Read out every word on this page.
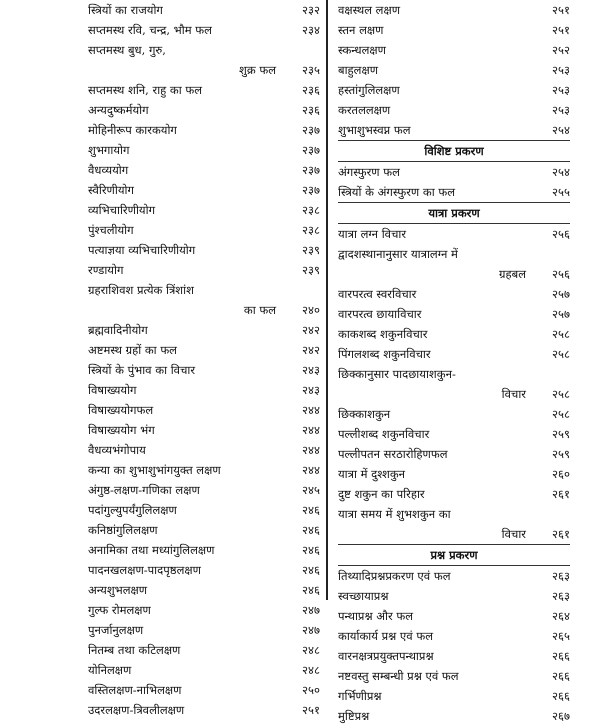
स्त्रियों का राजयोग	२३२
सप्तमस्थ रवि, चन्द्र, भौम फल	२३४
सप्तमस्थ बुध, गुरु,
शुक्र फल	२३५
सप्तमस्थ शनि, राहु का फल	२३६
अन्यदुष्कर्मयोग	२३६
मोहिनीरूप कारकयोग	२३७
शुभगायोग	२३७
वैधव्ययोग	२३७
स्वैरिणीयोग	२३७
व्यभिचारिणीयोग	२३८
पुंश्चलीयोग	२३८
पत्याज्ञया व्यभिचारिणीयोग	२३९
रण्डायोग	२३९
ग्रहराशिवश प्रत्येक त्रिंशांश
का फल	२४०
ब्रह्मवादिनीयोग	२४२
अष्टमस्थ ग्रहों का फल	२४२
स्त्रियों के पुंभाव का विचार	२४३
विषाख्ययोग	२४३
विषाख्ययोगफल	२४४
विषाख्ययोग भंग	२४४
वैधव्यभंगोपाय	२४४
कन्या का शुभाशुभांगयुक्त लक्षण	२४४
अंगुष्ठ-लक्षण-गणिका लक्षण	२४५
पदांगुल्युपर्यंगुलिलक्षण	२४६
कनिष्ठांगुलिलक्षण	२४६
अनामिका तथा मध्यांगुलिलक्षण	२४६
पादनखलक्षण-पादपृष्ठलक्षण	२४६
अन्यशुभलक्षण	२४६
गुल्फ रोमलक्षण	२४७
पुनर्जानुलक्षण	२४७
नितम्ब तथा कटिलक्षण	२४८
योनिलक्षण	२४८
वस्तिलक्षण-नाभिलक्षण	२५०
उदरलक्षण-त्रिवलीलक्षण	२५१
वक्षस्थल लक्षण	२५१
स्तन लक्षण	२५१
स्कन्धलक्षण	२५२
बाहुलक्षण	२५३
हस्तांगुलिलक्षण	२५३
करतललक्षण	२५३
शुभाशुभस्वप्न फल	२५४
विशिष्ट प्रकरण
अंगस्फुरण फल	२५४
स्त्रियों के अंगस्फुरण का फल	२५५
यात्रा प्रकरण
यात्रा लग्न विचार	२५६
द्वादशस्थानानुसार यात्रालग्न में
ग्रहबल	२५६
वारपरत्व स्वरविचार	२५७
वारपरत्व छायाविचार	२५७
काकशब्द शकुनविचार	२५८
पिंगलशब्द शकुनविचार	२५८
छिक्कानुसार पादछायाशकुन-
विचार	२५८
छिक्काशकुन	२५८
पल्लीशब्द शकुनविचार	२५९
पल्लीपतन सरठारोहिणफल	२५९
यात्रा में दुश्शकुन	२६०
दुष्ट शकुन का परिहार	२६१
यात्रा समय में शुभशकुन का
विचार	२६१
प्रश्न प्रकरण
तिथ्यादिप्रश्नप्रकरण एवं फल	२६३
स्वच्छायाप्रश्न	२६३
पन्थाप्रश्न और फल	२६४
कार्याकार्य प्रश्न एवं फल	२६५
वारनक्षत्रप्रयुक्तपन्थाप्रश्न	२६६
नष्टवस्तु सम्बन्धी प्रश्न एवं फल	२६६
गर्भिणीप्रश्न	२६६
मुष्टिप्रश्न	२६७
